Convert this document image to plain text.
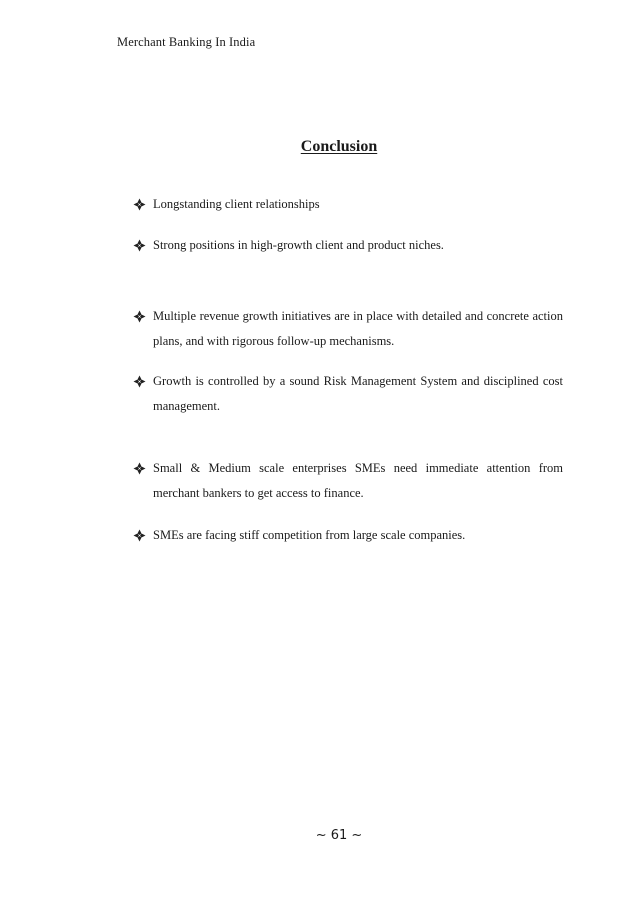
Merchant Banking In India
Conclusion
Longstanding client relationships
Strong positions in high-growth client and product niches.
Multiple revenue growth initiatives are in place with detailed and concrete action plans, and with rigorous follow-up mechanisms.
Growth is controlled by a sound Risk Management System and disciplined cost management.
Small & Medium scale enterprises SMEs need immediate attention from merchant bankers to get access to finance.
SMEs are facing stiff competition from large scale companies.
~ 61 ~
